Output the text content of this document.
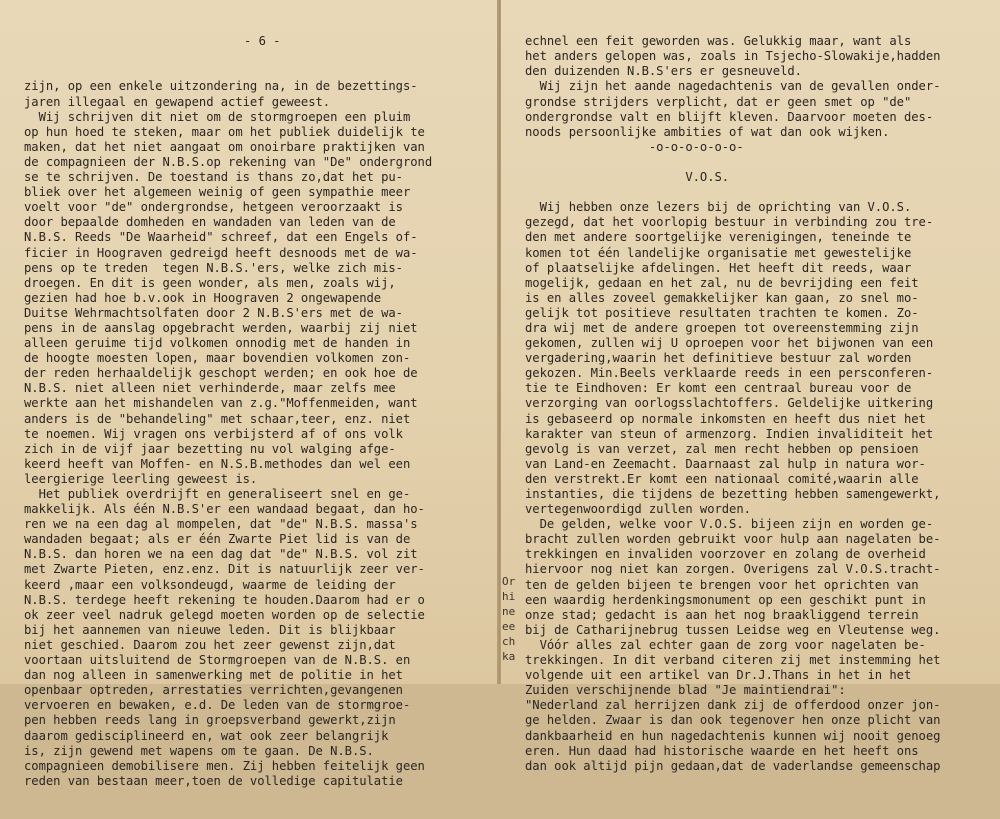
- 6 -

zijn, op een enkele uitzondering na, in de bezettings-
jaren illegaal en gewapend actief geweest.
Wij schrijven dit niet om de stormgroepen een pluim
op hun hoed te steken, maar om het publiek duidelijk te
maken, dat het niet aangaat om onoirbare praktijken van
de compagnieen der N.B.S.op rekening van "De" ondergrond
se te schrijven. De toestand is thans zo,dat het pu-
bliek over het algemeen weinig of geen sympathie meer
voelt voor "de" ondergrondse, hetgeen veroorzaakt is
door bepaalde domheden en wandaden van leden van de
N.B.S. Reeds "De Waarheid" schreef, dat een Engels of-
ficier in Hoograven gedreigd heeft desnoods met de wa-
pens op te treden  tegen N.B.S.'ers, welke zich mis-
droegen. En dit is geen wonder, als men, zoals wij,
gezien had hoe b.v.ook in Hoograven 2 ongewapende
Duitse Wehrmachtsolfaten door 2 N.B.S'ers met de wa-
pens in de aanslag opgebracht werden, waarbij zij niet
alleen geruime tijd volkomen onnodig met de handen in
de hoogte moesten lopen, maar bovendien volkomen zon-
der reden herhaaldelijk geschopt werden; en ook hoe de
N.B.S. niet alleen niet verhinderde, maar zelfs mee
werkte aan het mishandelen van z.g."Moffenmeiden, want
anders is de "behandeling" met schaar,teer, enz. niet
te noemen. Wij vragen ons verbijsterd af of ons volk
zich in de vijf jaar bezetting nu vol walging afge-
keerd heeft van Moffen- en N.S.B.methodes dan wel een
leergierige leerling geweest is.
Het publiek overdrijft en generaliseert snel en ge-
makkelijk. Als één N.B.S'er een wandaad begaat, dan ho-
ren we na een dag al mompelen, dat "de" N.B.S. massa's
wandaden begaat; als er één Zwarte Piet lid is van de
N.B.S. dan horen we na een dag dat "de" N.B.S. vol zit
met Zwarte Pieten, enz.enz. Dit is natuurlijk zeer ver-
keerd ,maar een volksondeugd, waarme de leiding der
N.B.S. terdege heeft rekening te houden.Daarom had er o
ok zeer veel nadruk gelegd moeten worden op de selectie
bij het aannemen van nieuwe leden. Dit is blijkbaar
niet geschied. Daarom zou het zeer gewenst zijn,dat
voortaan uitsluitend de Stormgroepen van de N.B.S. en
dan nog alleen in samenwerking met de politie in het
openbaar optreden, arrestaties verrichten,gevangenen
vervoeren en bewaken, e.d. De leden van de stormgroe-
pen hebben reeds lang in groepsverband gewerkt,zijn
daarom gedisciplineerd en, wat ook zeer belangrijk
is, zijn gewend met wapens om te gaan. De N.B.S.
compagnieen demobilisere men. Zij hebben feitelijk geen
reden van bestaan meer,toen de volledige capitulatie

Or
hi
ne
ee
ch
ka

echnel een feit geworden was. Gelukkig maar, want als
het anders gelopen was, zoals in Tsjecho-Slowakije,hadden
den duizenden N.B.S'ers er gesneuveld.
Wij zijn het aande nagedachtenis van de gevallen onder-
grondse strijders verplicht, dat er geen smet op "de"
ondergrondse valt en blijft kleven. Daarvoor moeten des-
noods persoonlijke ambities of wat dan ook wijken.
-o-o-o-o-o-o-
V.O.S.
Wij hebben onze lezers bij de oprichting van V.O.S.
gezegd, dat het voorlopig bestuur in verbinding zou tre-
den met andere soortgelijke verenigingen, teneinde te
komen tot één landelijke organisatie met gewestelijke
of plaatselijke afdelingen. Het heeft dit reeds, waar
mogelijk, gedaan en het zal, nu de bevrijding een feit
is en alles zoveel gemakkelijker kan gaan, zo snel mo-
gelijk tot positieve resultaten trachten te komen. Zo-
dra wij met de andere groepen tot overeenstemming zijn
gekomen, zullen wij U oproepen voor het bijwonen van een
vergadering,waarin het definitieve bestuur zal worden
gekozen. Min.Beels verklaarde reeds in een persconferen-
tie te Eindhoven: Er komt een centraal bureau voor de
verzorging van oorlogsslachtoffers. Geldelijke uitkering
is gebaseerd op normale inkomsten en heeft dus niet het
karakter van steun of armenzorg. Indien invaliditeit het
gevolg is van verzet, zal men recht hebben op pensioen
van Land-en Zeemacht. Daarnaast zal hulp in natura wor-
den verstrekt.Er komt een nationaal comité,waarin alle
instanties, die tijdens de bezetting hebben samengewerkt,
vertegenwoordigd zullen worden.
De gelden, welke voor V.O.S. bijeen zijn en worden ge-
bracht zullen worden gebruikt voor hulp aan nagelaten be-
trekkingen en invaliden voorzover en zolang de overheid
hiervoor nog niet kan zorgen. Overigens zal V.O.S.tracht-
ten de gelden bijeen te brengen voor het oprichten van
een waardig herdenkingsmonument op een geschikt punt in
onze stad; gedacht is aan het nog braakliggend terrein
bij de Catharijnebrug tussen Leidse weg en Vleutense weg.
Vóór alles zal echter gaan de zorg voor nagelaten be-
trekkingen. In dit verband citeren zij met instemming het
volgende uit een artikel van Dr.J.Thans in het in het
Zuiden verschijnende blad "Je maintiendrai":
"Nederland zal herrijzen dank zij de offerdood onzer jon-
ge helden. Zwaar is dan ook tegenover hen onze plicht van
dankbaarheid en hun nagedachtenis kunnen wij nooit genoeg
eren. Hun daad had historische waarde en het heeft ons
dan ook altijd pijn gedaan,dat de vaderlandse gemeenschap
